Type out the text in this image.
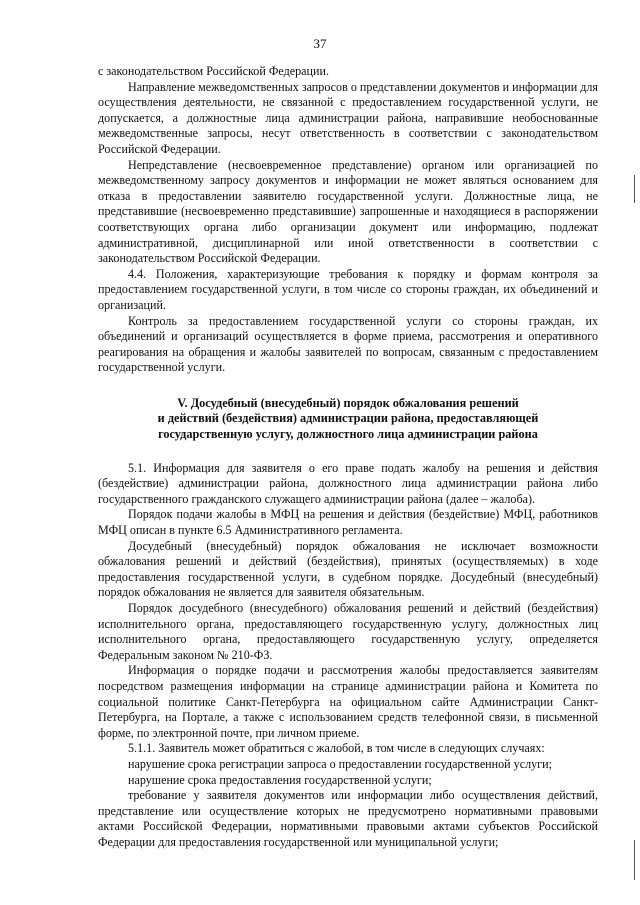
37

с законодательством Российской Федерации.

Направление межведомственных запросов о представлении документов и информации для осуществления деятельности, не связанной с предоставлением государственной услуги, не допускается, а должностные лица администрации района, направившие необоснованные межведомственные запросы, несут ответственность в соответствии с законодательством Российской Федерации.

Непредставление (несвоевременное представление) органом или организацией по межведомственному запросу документов и информации не может являться основанием для отказа в предоставлении заявителю государственной услуги. Должностные лица, не представившие (несвоевременно представившие) запрошенные и находящиеся в распоряжении соответствующих органа либо организации документ или информацию, подлежат административной, дисциплинарной или иной ответственности в соответствии с законодательством Российской Федерации.

4.4. Положения, характеризующие требования к порядку и формам контроля за предоставлением государственной услуги, в том числе со стороны граждан, их объединений и организаций.

Контроль за предоставлением государственной услуги со стороны граждан, их объединений и организаций осуществляется в форме приема, рассмотрения и оперативного реагирования на обращения и жалобы заявителей по вопросам, связанным с предоставлением государственной услуги.

V. Досудебный (внесудебный) порядок обжалования решений
и действий (бездействия) администрации района, предоставляющей
государственную услугу, должностного лица администрации района

5.1. Информация для заявителя о его праве подать жалобу на решения и действия (бездействие) администрации района, должностного лица администрации района либо государственного гражданского служащего администрации района (далее – жалоба).

Порядок подачи жалобы в МФЦ на решения и действия (бездействие) МФЦ, работников МФЦ описан в пункте 6.5 Административного регламента.

Досудебный (внесудебный) порядок обжалования не исключает возможности обжалования решений и действий (бездействия), принятых (осуществляемых) в ходе предоставления государственной услуги, в судебном порядке. Досудебный (внесудебный) порядок обжалования не является для заявителя обязательным.

Порядок досудебного (внесудебного) обжалования решений и действий (бездействия) исполнительного органа, предоставляющего государственную услугу, должностных лиц исполнительного органа, предоставляющего государственную услугу, определяется Федеральным законом № 210-ФЗ.

Информация о порядке подачи и рассмотрения жалобы предоставляется заявителям посредством размещения информации на странице администрации района и Комитета по социальной политике Санкт-Петербурга на официальном сайте Администрации Санкт-Петербурга, на Портале, а также с использованием средств телефонной связи, в письменной форме, по электронной почте, при личном приеме.

5.1.1. Заявитель может обратиться с жалобой, в том числе в следующих случаях:

нарушение срока регистрации запроса о предоставлении государственной услуги;

нарушение срока предоставления государственной услуги;

требование у заявителя документов или информации либо осуществления действий, представление или осуществление которых не предусмотрено нормативными правовыми актами Российской Федерации, нормативными правовыми актами субъектов Российской Федерации для предоставления государственной или муниципальной услуги;
